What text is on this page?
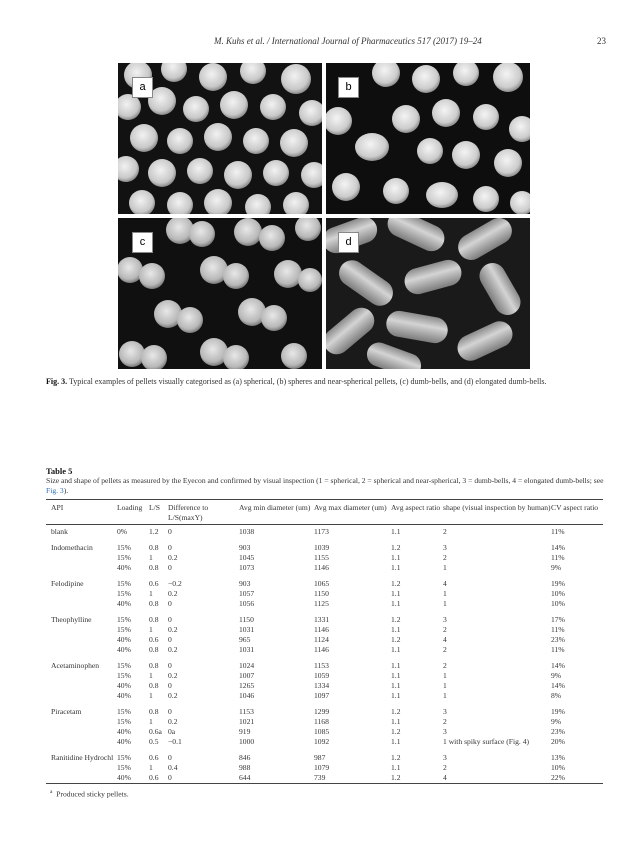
M. Kuhs et al. / International Journal of Pharmaceutics 517 (2017) 19–24	23
a	b
c	d
Fig. 3. Typical examples of pellets visually categorised as (a) spherical, (b) spheres and near-spherical pellets, (c) dumb-bells, and (d) elongated dumb-bells.
Table 5
Size and shape of pellets as measured by the Eyecon and confirmed by visual inspection (1 = spherical, 2 = spherical and near-spherical, 3 = dumb-bells, 4 = elongated dumb-bells; see Fig. 3).
API	Loading	L/S	Difference to L/S(maxY)	Avg min diameter (um)	Avg max diameter (um)	Avg aspect ratio	shape (visual inspection by human)	CV aspect ratio
blank	0%	1.2	0	1038	1173	1.1	2	11%

Indomethacin	15%	0.8	0	903	1039	1.2	3	14%
	15%	1	0.2	1045	1155	1.1	2	11%
	40%	0.8	0	1073	1146	1.1	1	9%

Felodipine	15%	0.6	−0.2	903	1065	1.2	4	19%
	15%	1	0.2	1057	1150	1.1	1	10%
	40%	0.8	0	1056	1125	1.1	1	10%

Theophylline	15%	0.8	0	1150	1331	1.2	3	17%
	15%	1	0.2	1031	1146	1.1	2	11%
	40%	0.6	0	965	1124	1.2	4	23%
	40%	0.8	0.2	1031	1146	1.1	2	11%

Acetaminophen	15%	0.8	0	1024	1153	1.1	2	14%
	15%	1	0.2	1007	1059	1.1	1	9%
	40%	0.8	0	1265	1334	1.1	1	14%
	40%	1	0.2	1046	1097	1.1	1	8%

Piracetam	15%	0.8	0	1153	1299	1.2	3	19%
	15%	1	0.2	1021	1168	1.1	2	9%
	40%	0.6a	0a	919	1085	1.2	3	23%
	40%	0.5	−0.1	1000	1092	1.1	1 with spiky surface (Fig. 4)	20%

Ranitidine Hydrochl	15%	0.6	0	846	987	1.2	3	13%
	15%	1	0.4	988	1079	1.1	2	10%
	40%	0.6	0	644	739	1.2	4	22%
$^a$ Produced sticky pellets.
